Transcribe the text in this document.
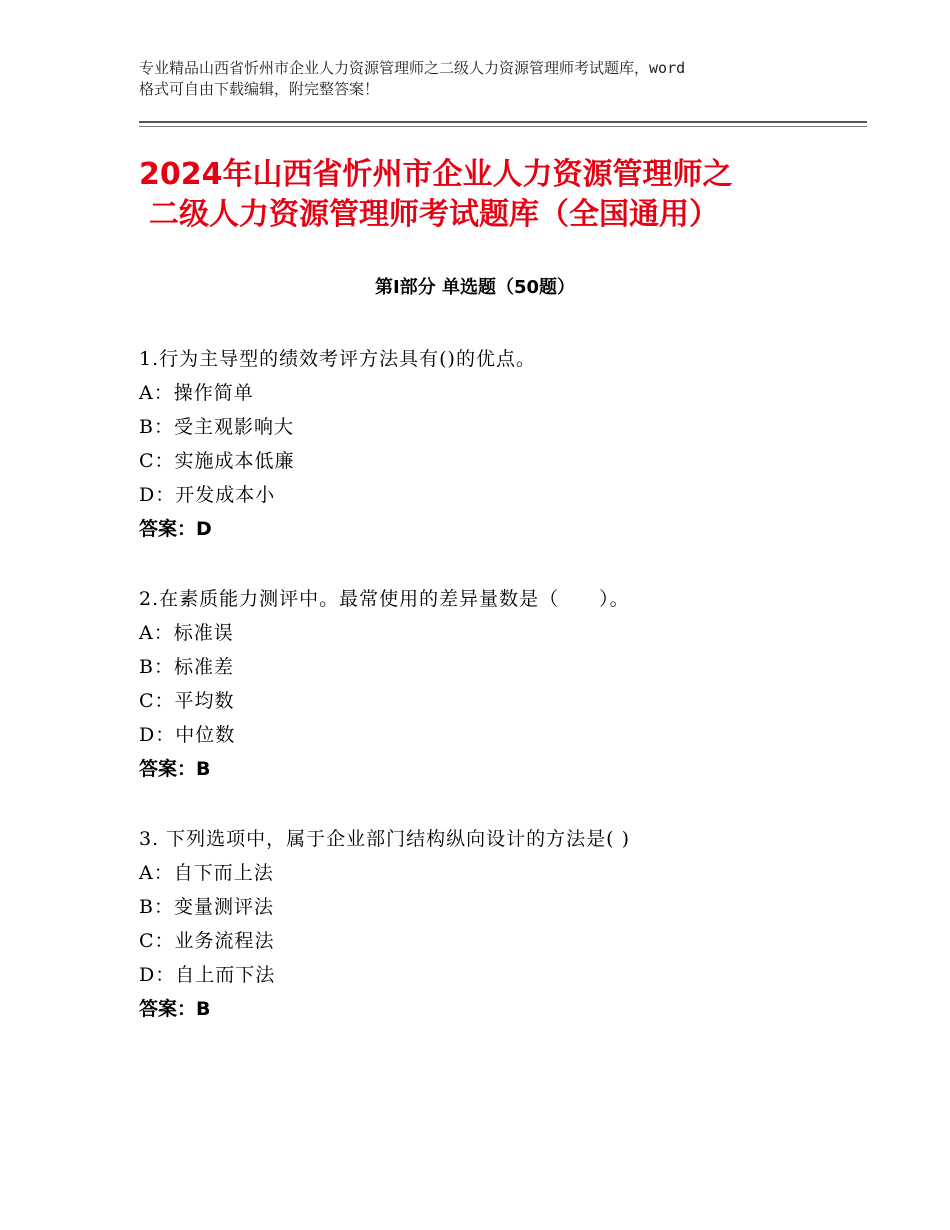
专业精品山西省忻州市企业人力资源管理师之二级人力资源管理师考试题库，word
格式可自由下载编辑，附完整答案！
2024年山西省忻州市企业人力资源管理师之
二级人力资源管理师考试题库（全国通用）
第Ⅰ部分 单选题（50题）
1.行为主导型的绩效考评方法具有()的优点。
A：操作简单
B：受主观影响大
C：实施成本低廉
D：开发成本小
答案：D
2.在素质能力测评中。最常使用的差异量数是（　　）。
A：标准误
B：标准差
C：平均数
D：中位数
答案：B
3. 下列选项中，属于企业部门结构纵向设计的方法是( )
A：自下而上法
B：变量测评法
C：业务流程法
D：自上而下法
答案：B
